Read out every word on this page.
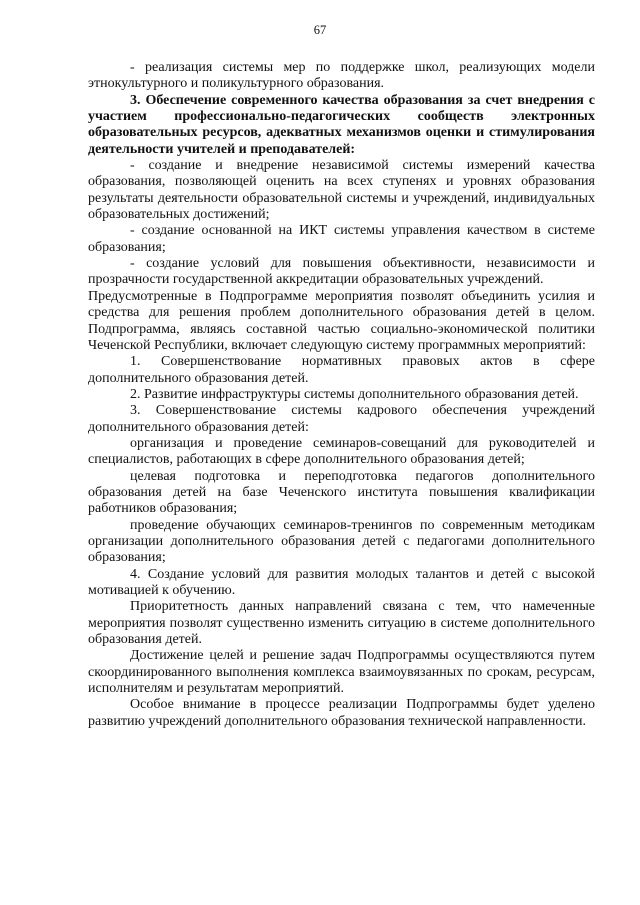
67

- реализация системы мер по поддержке школ, реализующих модели этнокультурного и поликультурного образования.

3. Обеспечение современного качества образования за счет внедрения с участием профессионально-педагогических сообществ электронных образовательных ресурсов, адекватных механизмов оценки и стимулирования деятельности учителей и преподавателей:

- создание и внедрение независимой системы измерений качества образования, позволяющей оценить на всех ступенях и уровнях образования результаты деятельности образовательной системы и учреждений, индивидуальных образовательных достижений;

- создание основанной на ИКТ системы управления качеством в системе образования;

- создание условий для повышения объективности, независимости и прозрачности государственной аккредитации образовательных учреждений.

Предусмотренные в Подпрограмме мероприятия позволят объединить усилия и средства для решения проблем дополнительного образования детей в целом. Подпрограмма, являясь составной частью социально-экономической политики Чеченской Республики, включает следующую систему программных мероприятий:

1. Совершенствование нормативных правовых актов в сфере дополнительного образования детей.

2. Развитие инфраструктуры системы дополнительного образования детей.

3. Совершенствование системы кадрового обеспечения учреждений дополнительного образования детей:

организация и проведение семинаров-совещаний для руководителей и специалистов, работающих в сфере дополнительного образования детей;

целевая подготовка и переподготовка педагогов дополнительного образования детей на базе Чеченского института повышения квалификации работников образования;

проведение обучающих семинаров-тренингов по современным методикам организации дополнительного образования детей с педагогами дополнительного образования;

4. Создание условий для развития молодых талантов и детей с высокой мотивацией к обучению.

Приоритетность данных направлений связана с тем, что намеченные мероприятия позволят существенно изменить ситуацию в системе дополнительного образования детей.

Достижение целей и решение задач Подпрограммы осуществляются путем скоординированного выполнения комплекса взаимоувязанных по срокам, ресурсам, исполнителям и результатам мероприятий.

Особое внимание в процессе реализации Подпрограммы будет уделено развитию учреждений дополнительного образования технической направленности.
